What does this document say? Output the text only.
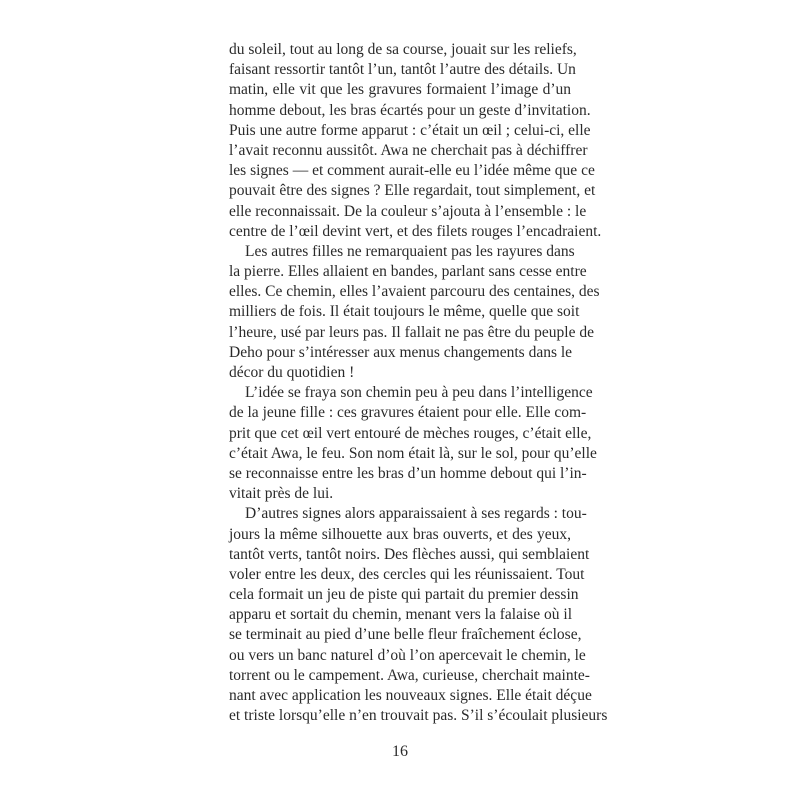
du soleil, tout au long de sa course, jouait sur les reliefs,
faisant ressortir tantôt l’un, tantôt l’autre des détails. Un
matin, elle vit que les gravures formaient l’image d’un
homme debout, les bras écartés pour un geste d’invitation.
Puis une autre forme apparut : c’était un œil ; celui-ci, elle
l’avait reconnu aussitôt. Awa ne cherchait pas à déchiffrer
les signes — et comment aurait-elle eu l’idée même que ce
pouvait être des signes ? Elle regardait, tout simplement, et
elle reconnaissait. De la couleur s’ajouta à l’ensemble : le
centre de l’œil devint vert, et des filets rouges l’encadraient.
Les autres filles ne remarquaient pas les rayures dans
la pierre. Elles allaient en bandes, parlant sans cesse entre
elles. Ce chemin, elles l’avaient parcouru des centaines, des
milliers de fois. Il était toujours le même, quelle que soit
l’heure, usé par leurs pas. Il fallait ne pas être du peuple de
Deho pour s’intéresser aux menus changements dans le
décor du quotidien !
L’idée se fraya son chemin peu à peu dans l’intelligence
de la jeune fille : ces gravures étaient pour elle. Elle com-
prit que cet œil vert entouré de mèches rouges, c’était elle,
c’était Awa, le feu. Son nom était là, sur le sol, pour qu’elle
se reconnaisse entre les bras d’un homme debout qui l’in-
vitait près de lui.
D’autres signes alors apparaissaient à ses regards : tou-
jours la même silhouette aux bras ouverts, et des yeux,
tantôt verts, tantôt noirs. Des flèches aussi, qui semblaient
voler entre les deux, des cercles qui les réunissaient. Tout
cela formait un jeu de piste qui partait du premier dessin
apparu et sortait du chemin, menant vers la falaise où il
se terminait au pied d’une belle fleur fraîchement éclose,
ou vers un banc naturel d’où l’on apercevait le chemin, le
torrent ou le campement. Awa, curieuse, cherchait mainte-
nant avec application les nouveaux signes. Elle était déçue
et triste lorsqu’elle n’en trouvait pas. S’il s’écoulait plusieurs
16
